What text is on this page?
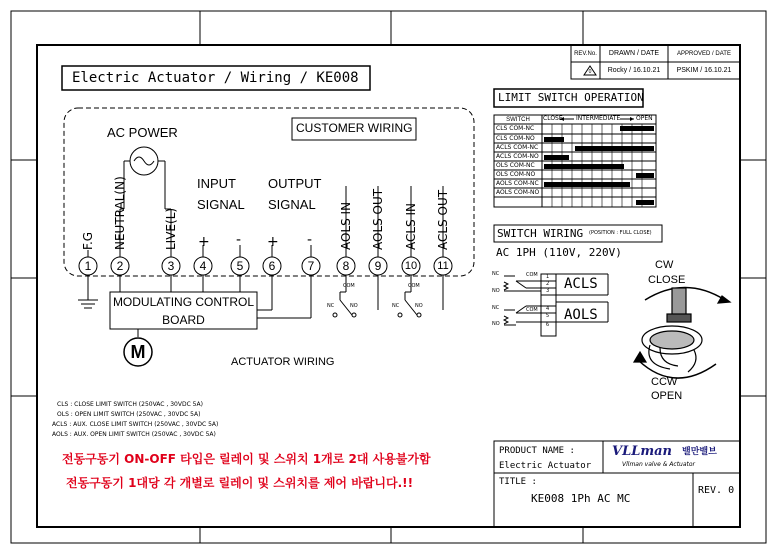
REV.No.	DRAWN / DATE	APPROVED / DATE
0	Rocky / 16.10.21	PSKIM / 16.10.21
Electric Actuator / Wiring / KE008
CUSTOMER WIRING
AC POWER
INPUT
SIGNAL
OUTPUT
SIGNAL
F.G NEUTRAL(N)	LIVE(L) + - + - AOLS IN AOLS OUT ACLS IN ACLS OUT
1	2	3	4	5	6	7	8	9	10 11
MODULATING CONTROL
BOARD
M
ACTUATOR WIRING
COM
NC	NO
COM
NC	NO
LIMIT SWITCH OPERATION
SWITCH	CLOSE INTERMEDIATE	OPEN
CLS COM-NC
CLS COM-NO
ACLS COM-NC
ACLS COM-NO
OLS COM-NC
OLS COM-NO
AOLS COM-NC
AOLS COM-NO
SWITCH WIRING (POSITION : FULL CLOSE)
AC 1PH (110V, 220V)
ACLS
AOLS
NC
NO
NC
NO
COM
COM
1
2
3
4
5
6
CW
CLOSE
CCW
OPEN
CLS : CLOSE LIMIT SWITCH (250VAC , 30VDC 5A)
OLS : OPEN LIMIT SWITCH (250VAC , 30VDC 5A)
ACLS : AUX. CLOSE LIMIT SWITCH (250VAC , 30VDC 5A)
AOLS : AUX. OPEN LIMIT SWITCH (250VAC , 30VDC 5A)
전동구동기 ON-OFF 타입은 릴레이 및 스위치 1개로 2대 사용불가함
전동구동기 1대당 각 개별로 릴레이 및 스위치를 제어 바랍니다.!!
PRODUCT NAME :
Electric Actuator
VLLman 밸만밸브
Vllman valve & Actuator
TITLE :
KE008 1Ph AC MC
REV. 0
